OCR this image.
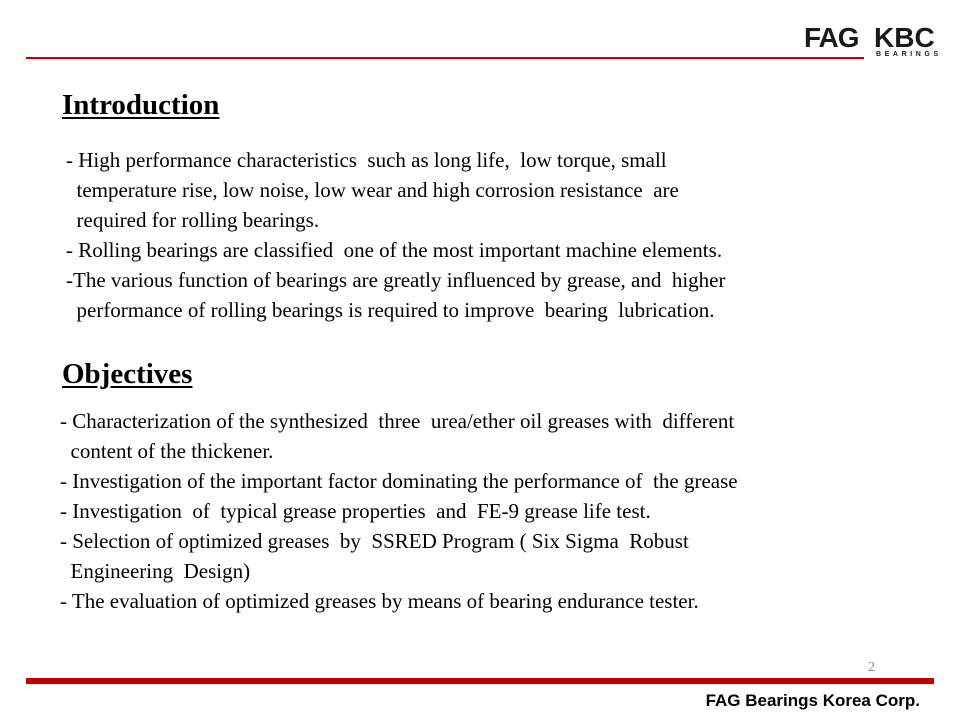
FAG KBC
BEARINGS
Introduction
- High performance characteristics  such as long life,  low torque, small
temperature rise, low noise, low wear and high corrosion resistance  are
required for rolling bearings.
- Rolling bearings are classified  one of the most important machine elements.
-The various function of bearings are greatly influenced by grease, and  higher
performance of rolling bearings is required to improve  bearing  lubrication.
Objectives
- Characterization of the synthesized  three  urea/ether oil greases with  different
content of the thickener.
- Investigation of the important factor dominating the performance of  the grease
- Investigation  of  typical grease properties  and  FE-9 grease life test.
- Selection of optimized greases  by  SSRED Program ( Six Sigma  Robust
Engineering  Design)
- The evaluation of optimized greases by means of bearing endurance tester.
2
FAG Bearings Korea Corp.
